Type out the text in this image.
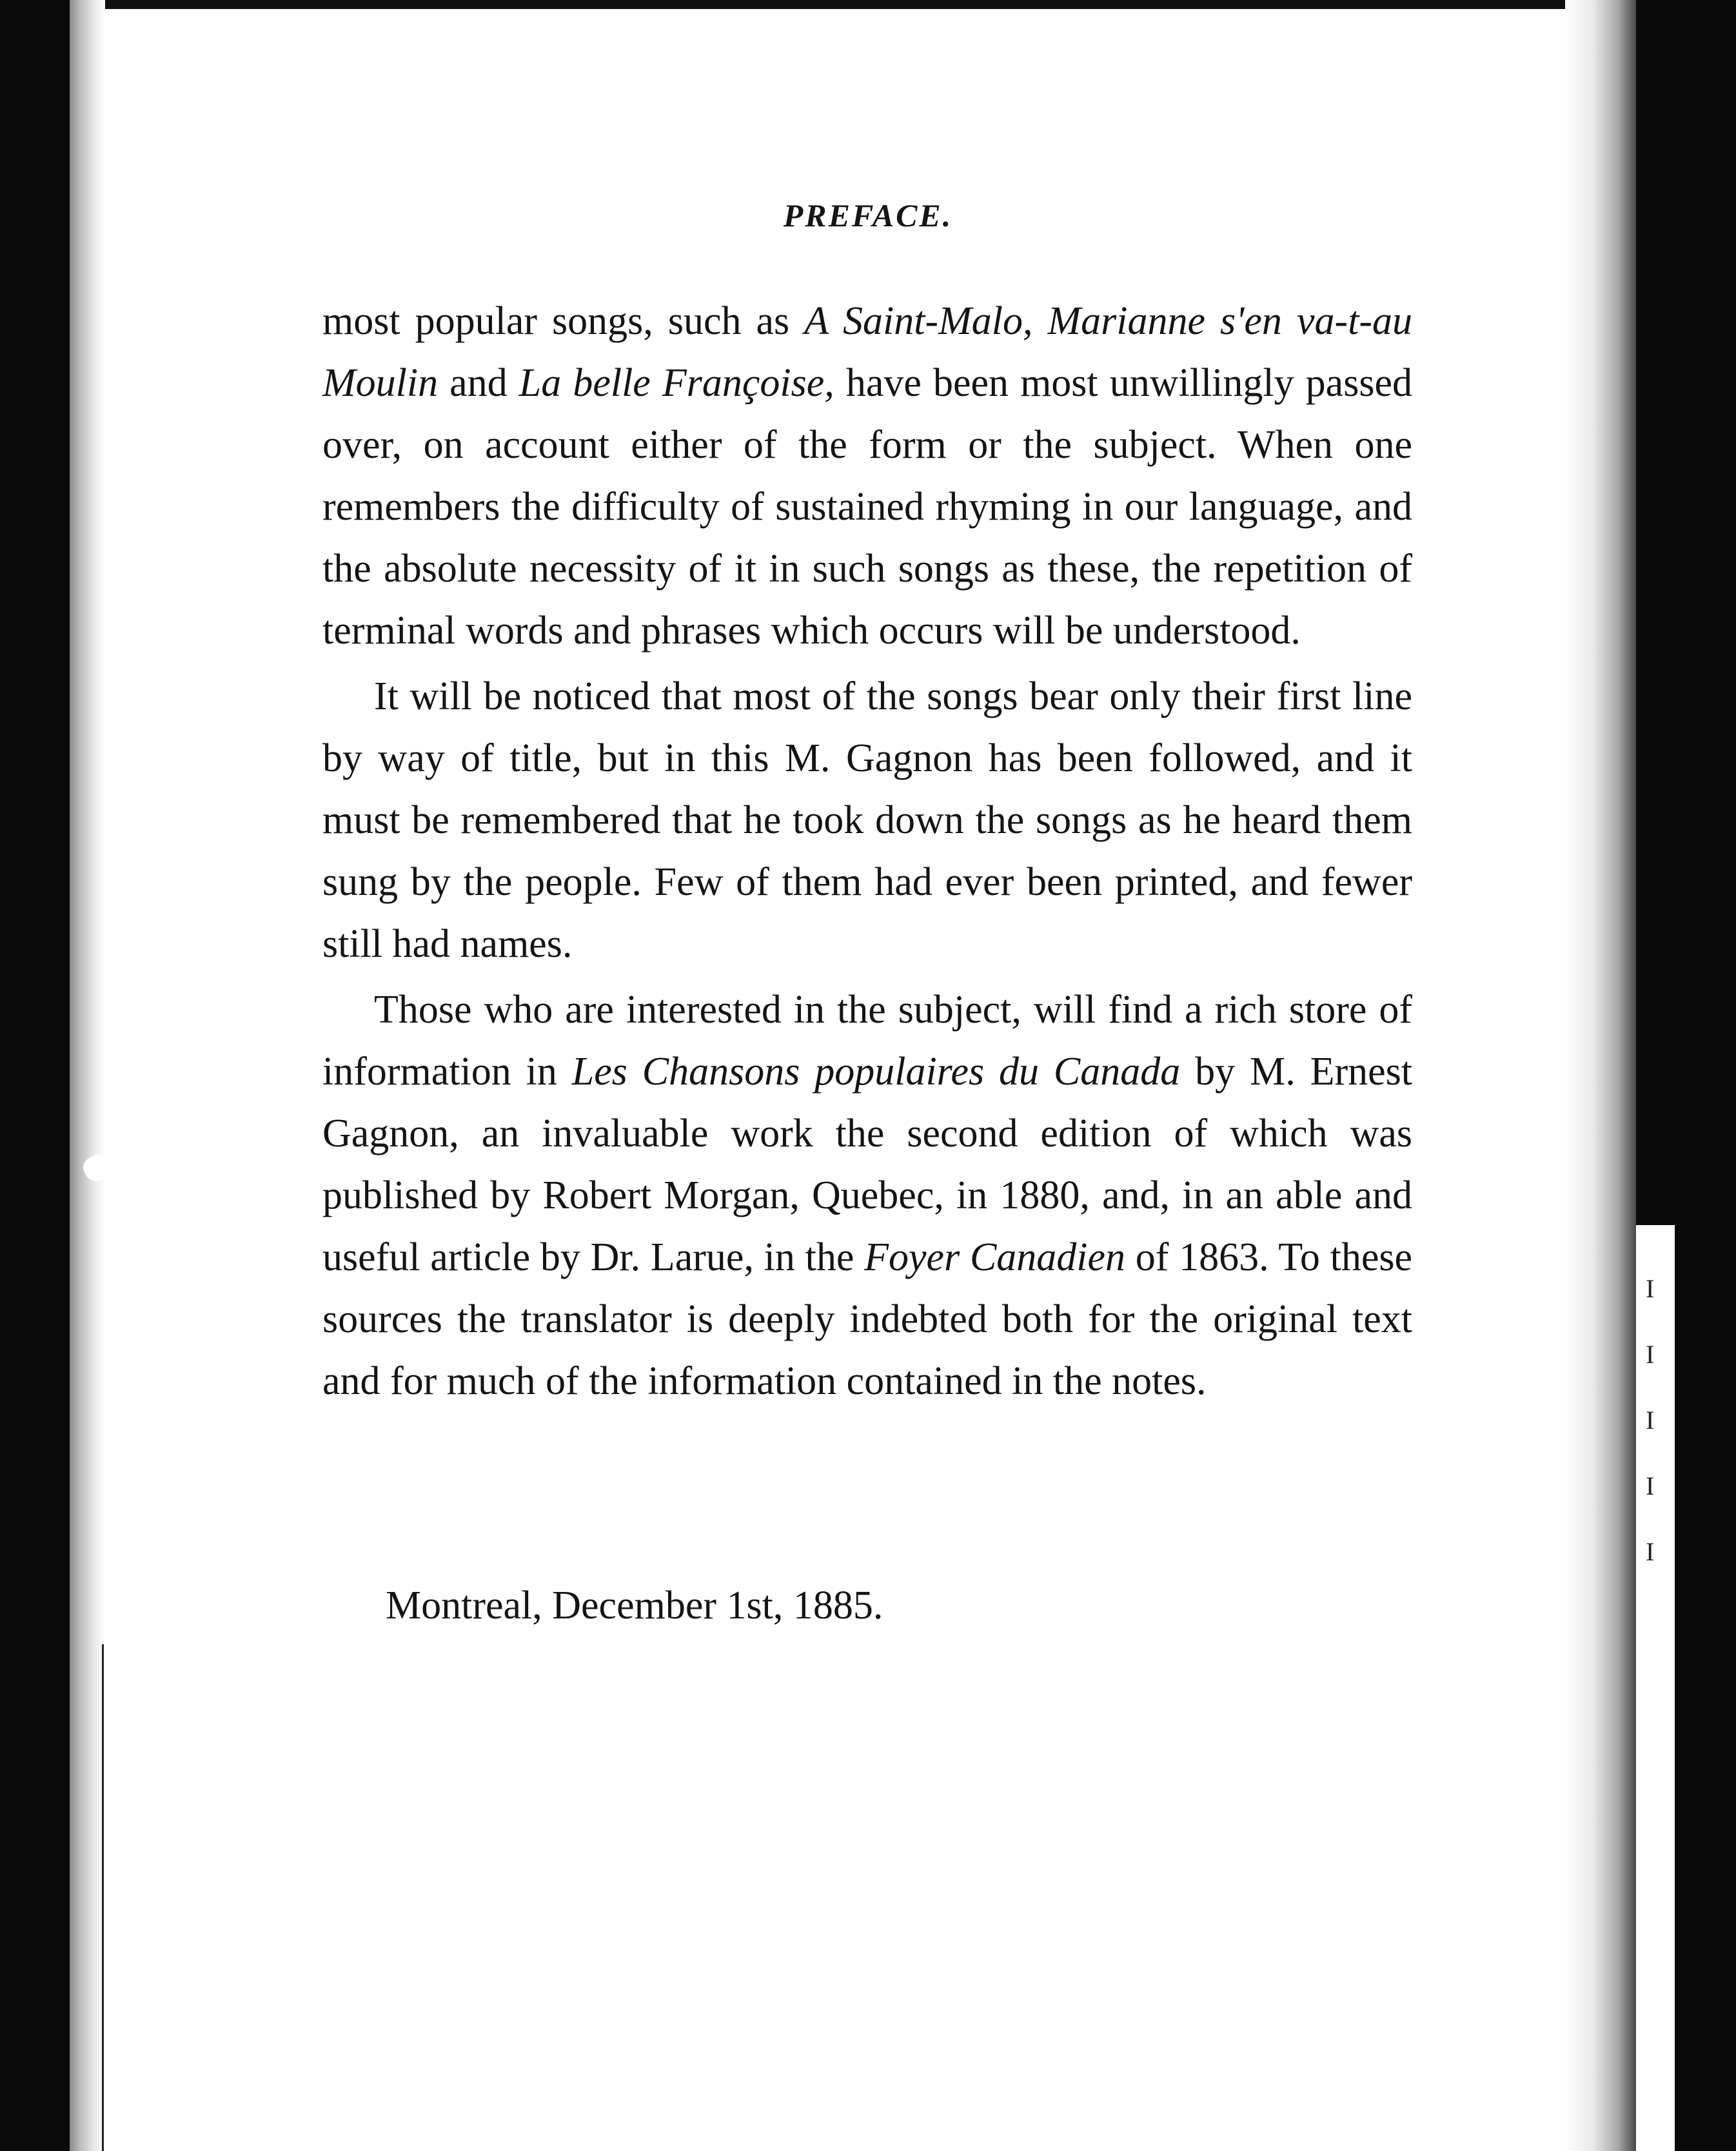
I
I
I
I
I
PREFACE.

most popular songs, such as A Saint-Malo, Marianne s'en va-t-au Moulin and La belle Françoise, have been most unwillingly passed over, on account either of the form or the subject. When one remembers the difficulty of sustained rhyming in our language, and the absolute necessity of it in such songs as these, the repetition of terminal words and phrases which occurs will be understood.

It will be noticed that most of the songs bear only their first line by way of title, but in this M. Gagnon has been followed, and it must be remembered that he took down the songs as he heard them sung by the people. Few of them had ever been printed, and fewer still had names.

Those who are interested in the subject, will find a rich store of information in Les Chansons populaires du Canada by M. Ernest Gagnon, an invaluable work the second edition of which was published by Robert Morgan, Quebec, in 1880, and, in an able and useful article by Dr. Larue, in the Foyer Canadien of 1863. To these sources the translator is deeply indebted both for the original text and for much of the information contained in the notes.

Montreal, December 1st, 1885.
